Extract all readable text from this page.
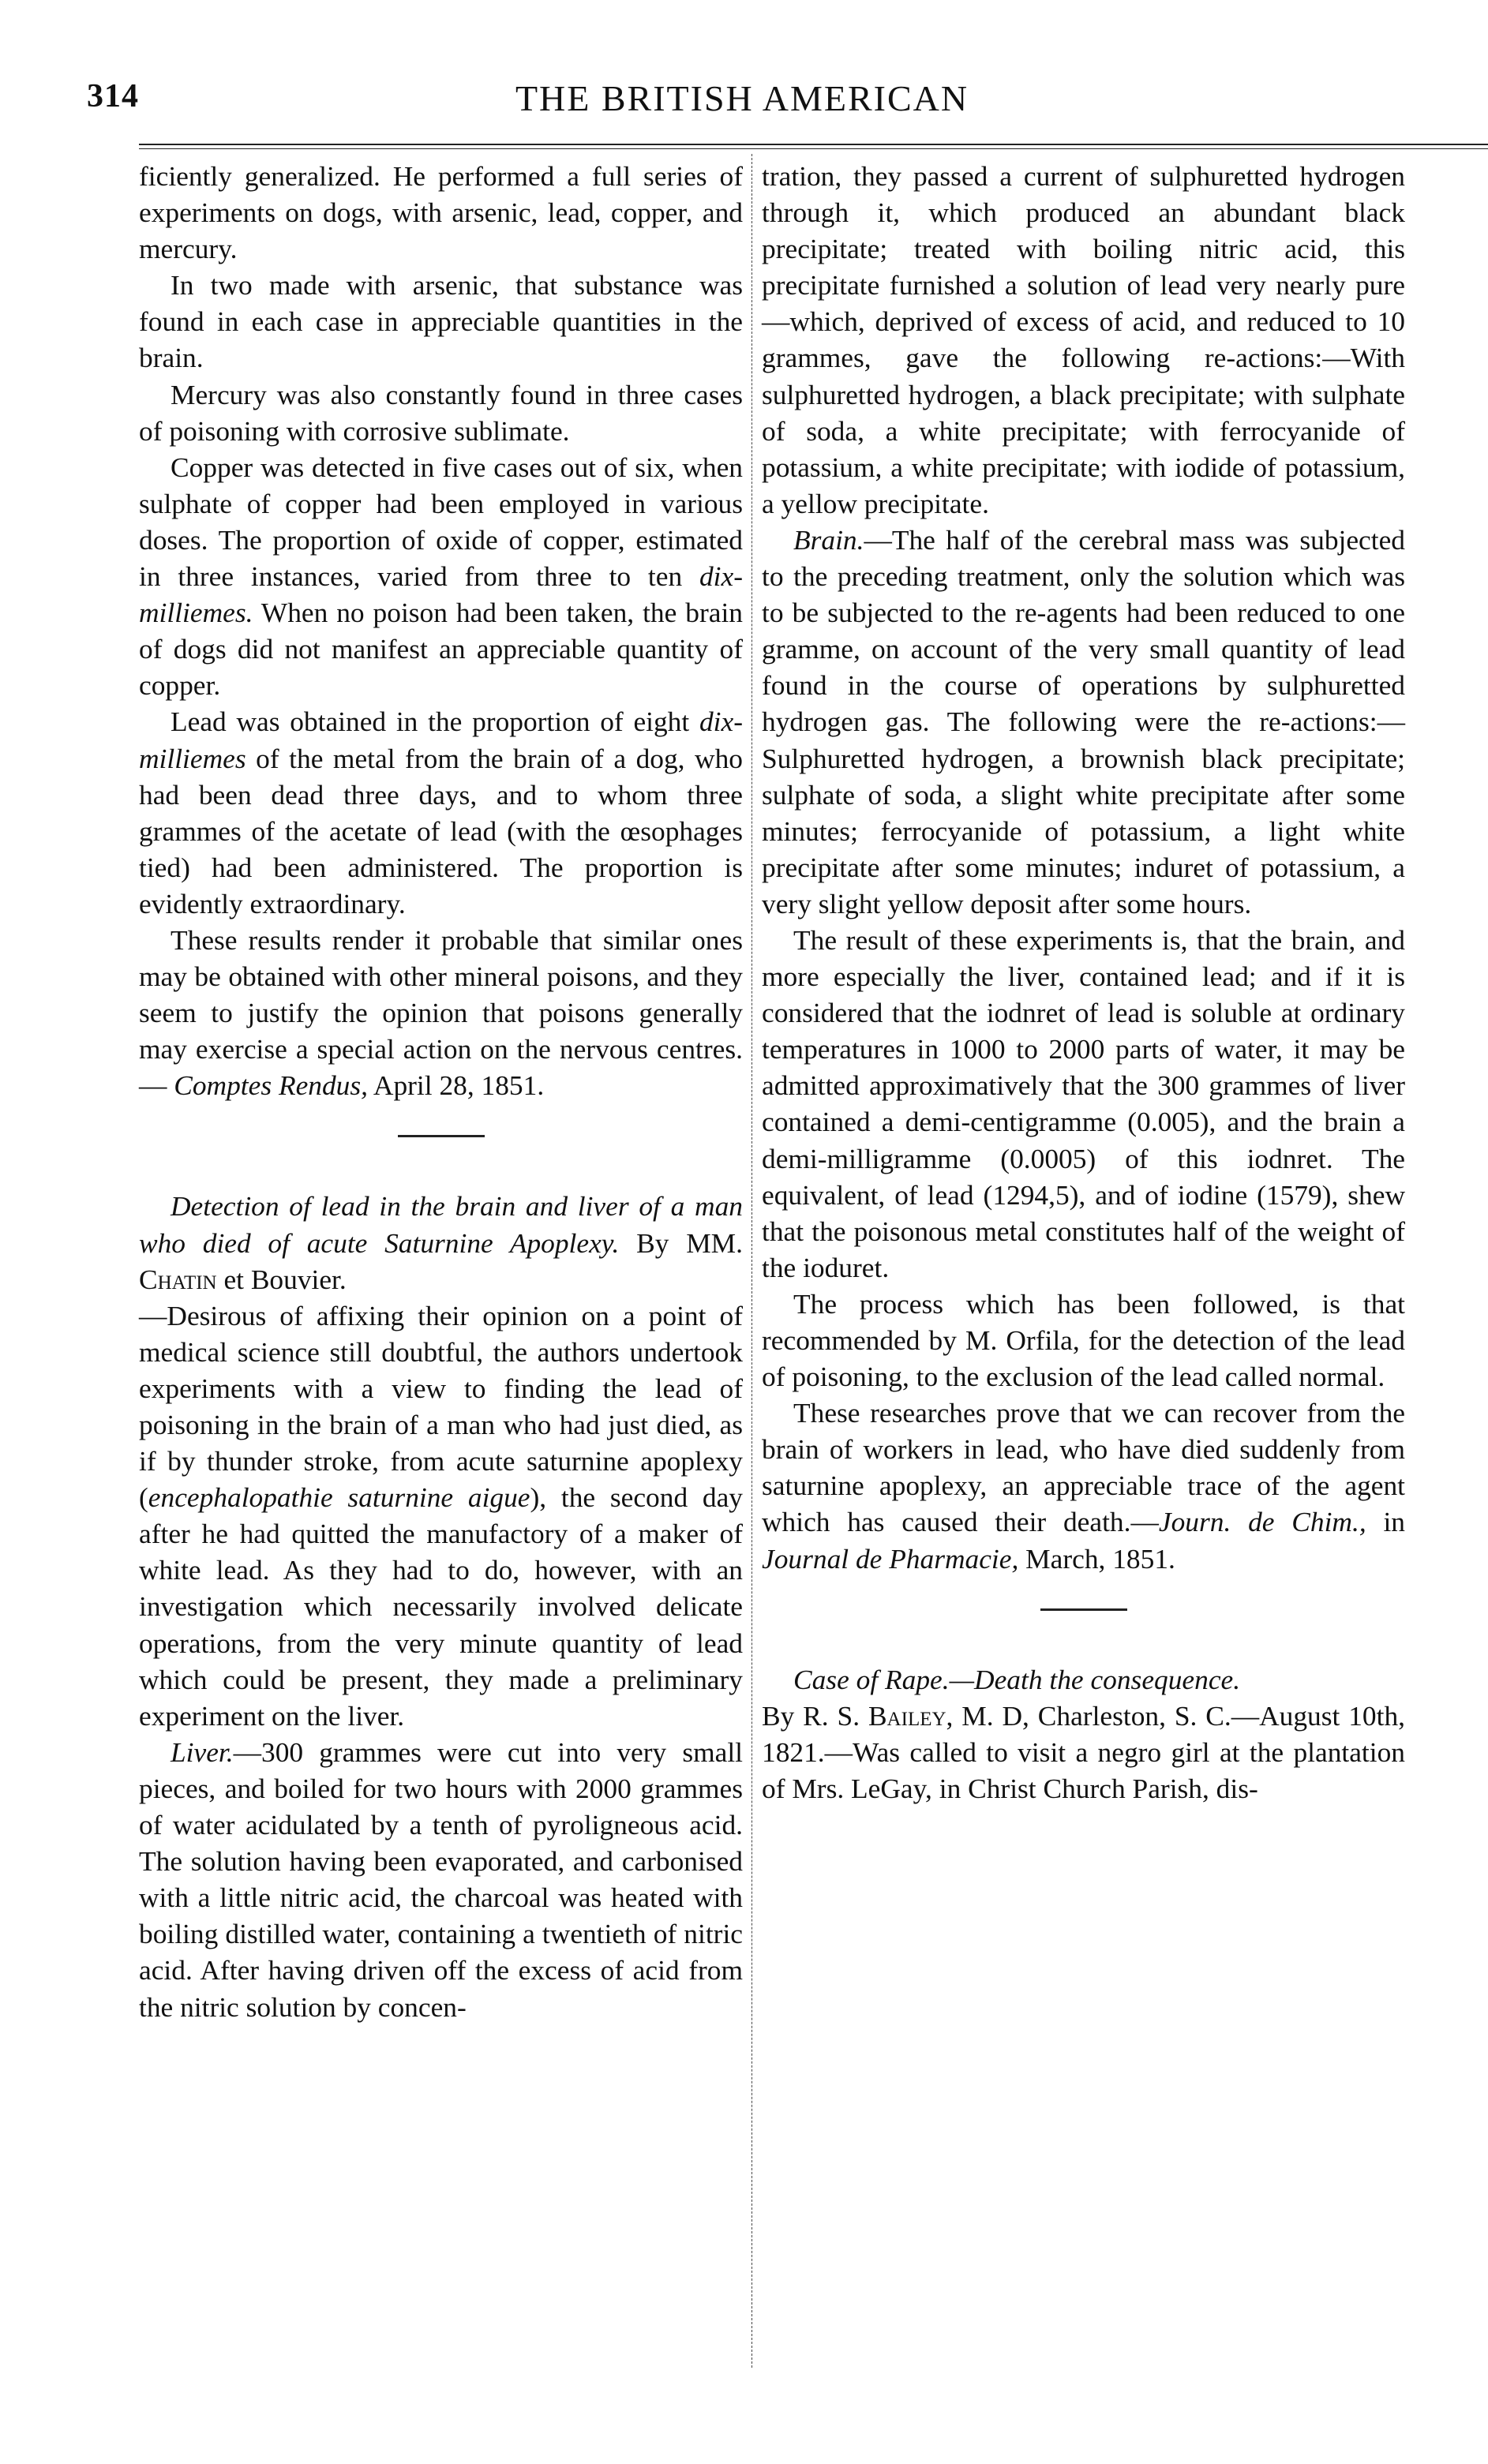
314	THE BRITISH AMERICAN

ficiently generalized. He performed a full series of experiments on dogs, with arsenic, lead, copper, and mercury.

In two made with arsenic, that substance was found in each case in appreciable quantities in the brain.

Mercury was also constantly found in three cases of poisoning with corrosive sublimate.

Copper was detected in five cases out of six, when sulphate of copper had been employed in various doses. The proportion of oxide of copper, estimated in three instances, varied from three to ten dix-milliemes. When no poison had been taken, the brain of dogs did not manifest an appreciable quantity of copper.

Lead was obtained in the proportion of eight dix-milliemes of the metal from the brain of a dog, who had been dead three days, and to whom three grammes of the acetate of lead (with the œsophages tied) had been administered. The proportion is evidently extraordinary.

These results render it probable that similar ones may be obtained with other mineral poisons, and they seem to justify the opinion that poisons generally may exercise a special action on the nervous centres.— Comptes Rendus, April 28, 1851.

Detection of lead in the brain and liver of a man who died of acute Saturnine Apoplexy. By MM. Chatin et Bouvier.

—Desirous of affixing their opinion on a point of medical science still doubtful, the authors undertook experiments with a view to finding the lead of poisoning in the brain of a man who had just died, as if by thunder stroke, from acute saturnine apoplexy (encephalopathie saturnine aigue), the second day after he had quitted the manufactory of a maker of white lead. As they had to do, however, with an investigation which necessarily involved delicate operations, from the very minute quantity of lead which could be present, they made a preliminary experiment on the liver.

Liver.—300 grammes were cut into very small pieces, and boiled for two hours with 2000 grammes of water acidulated by a tenth of pyroligneous acid. The solution having been evaporated, and carbonised with a little nitric acid, the charcoal was heated with boiling distilled water, containing a twentieth of nitric acid. After having driven off the excess of acid from the nitric solution by concen-

tration, they passed a current of sulphuretted hydrogen through it, which produced an abundant black precipitate; treated with boiling nitric acid, this precipitate furnished a solution of lead very nearly pure—which, deprived of excess of acid, and reduced to 10 grammes, gave the following re-actions:—With sulphuretted hydrogen, a black precipitate; with sulphate of soda, a white precipitate; with ferrocyanide of potassium, a white precipitate; with iodide of potassium, a yellow precipitate.

Brain.—The half of the cerebral mass was subjected to the preceding treatment, only the solution which was to be subjected to the re-agents had been reduced to one gramme, on account of the very small quantity of lead found in the course of operations by sulphuretted hydrogen gas. The following were the re-actions:—Sulphuretted hydrogen, a brownish black precipitate; sulphate of soda, a slight white precipitate after some minutes; ferrocyanide of potassium, a light white precipitate after some minutes; induret of potassium, a very slight yellow deposit after some hours.

The result of these experiments is, that the brain, and more especially the liver, contained lead; and if it is considered that the iodnret of lead is soluble at ordinary temperatures in 1000 to 2000 parts of water, it may be admitted approximatively that the 300 grammes of liver contained a demi-centigramme (0.005), and the brain a demi-milligramme (0.0005) of this iodnret. The equivalent, of lead (1294,5), and of iodine (1579), shew that the poisonous metal constitutes half of the weight of the ioduret.

The process which has been followed, is that recommended by M. Orfila, for the detection of the lead of poisoning, to the exclusion of the lead called normal.

These researches prove that we can recover from the brain of workers in lead, who have died suddenly from saturnine apoplexy, an appreciable trace of the agent which has caused their death.—Journ. de Chim., in Journal de Pharmacie, March, 1851.

Case of Rape.—Death the consequence.

By R. S. Bailey, M. D, Charleston, S. C.—August 10th, 1821.—Was called to visit a negro girl at the plantation of Mrs. LeGay, in Christ Church Parish, dis-
